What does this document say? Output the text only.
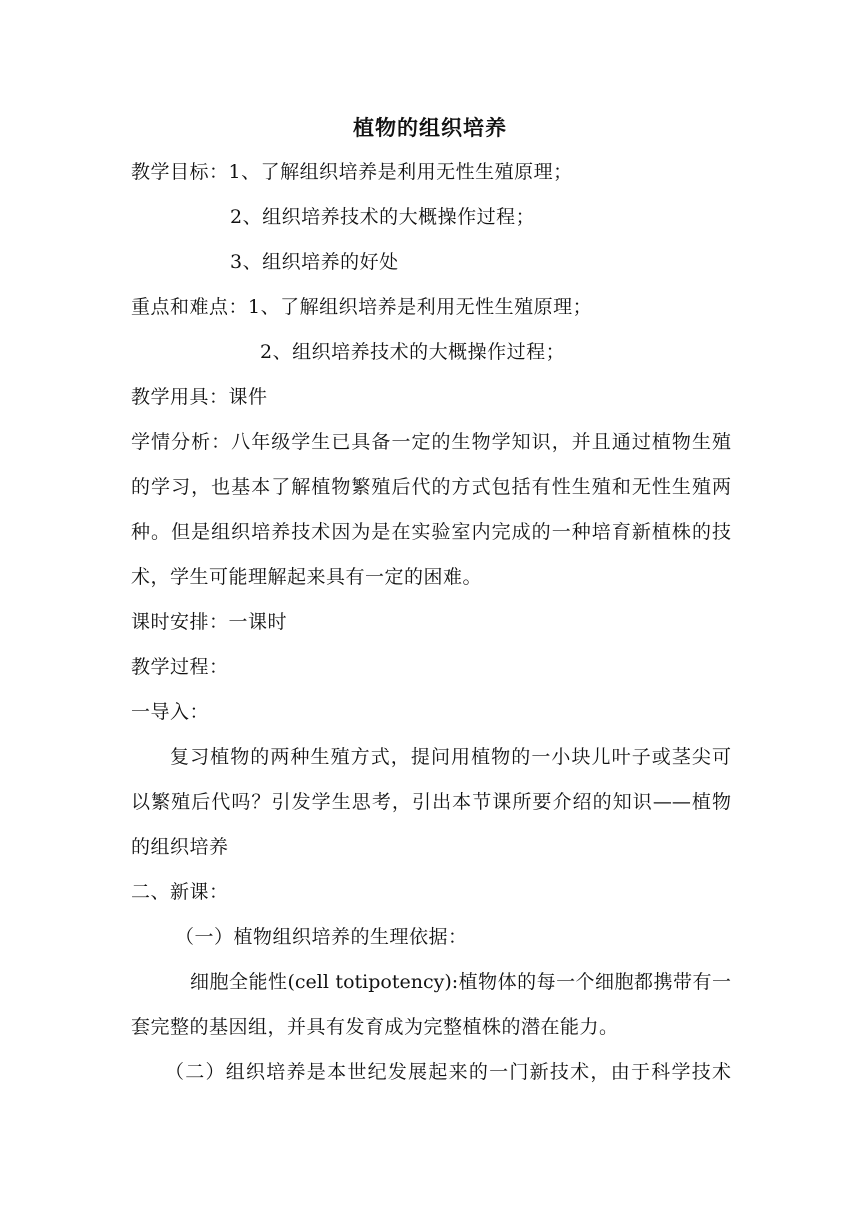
植物的组织培养
教学目标：1、了解组织培养是利用无性生殖原理；
2、组织培养技术的大概操作过程；
3、组织培养的好处
重点和难点：1、了解组织培养是利用无性生殖原理；
2、组织培养技术的大概操作过程；
教学用具：课件
学情分析：八年级学生已具备一定的生物学知识，并且通过植物生殖
的学习，也基本了解植物繁殖后代的方式包括有性生殖和无性生殖两
种。但是组织培养技术因为是在实验室内完成的一种培育新植株的技
术，学生可能理解起来具有一定的困难。
课时安排：一课时
教学过程：
一导入：
复习植物的两种生殖方式，提问用植物的一小块儿叶子或茎尖可
以繁殖后代吗？引发学生思考，引出本节课所要介绍的知识——植物
的组织培养
二、新课：
（一）植物组织培养的生理依据：
细胞全能性(cell totipotency):植物体的每一个细胞都携带有一
套完整的基因组，并具有发育成为完整植株的潜在能力。
（二）组织培养是本世纪发展起来的一门新技术，由于科学技术
